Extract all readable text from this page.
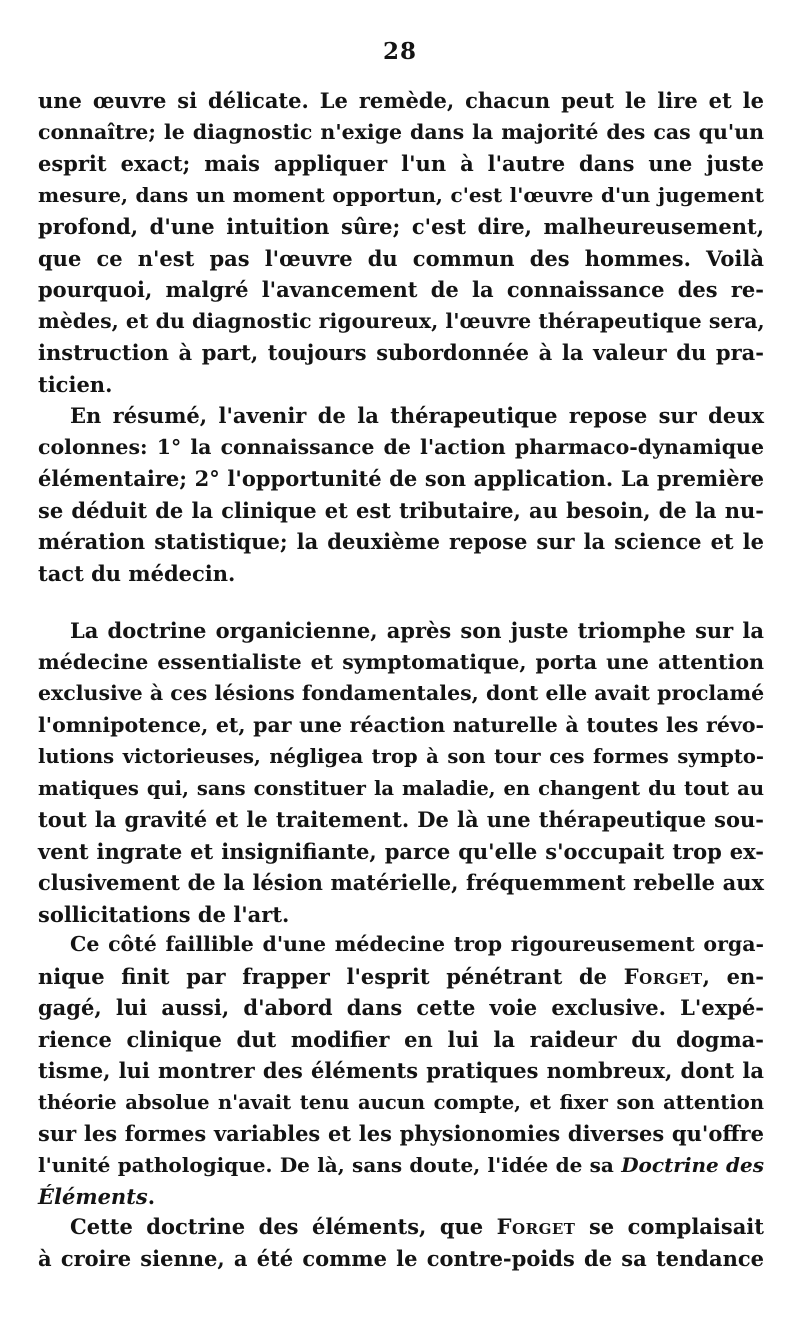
28
une œuvre si délicate. Le remède, chacun peut le lire et le
connaître; le diagnostic n'exige dans la majorité des cas qu'un
esprit exact; mais appliquer l'un à l'autre dans une juste
mesure, dans un moment opportun, c'est l'œuvre d'un jugement
profond, d'une intuition sûre; c'est dire, malheureusement,
que ce n'est pas l'œuvre du commun des hommes. Voilà
pourquoi, malgré l'avancement de la connaissance des re-
mèdes, et du diagnostic rigoureux, l'œuvre thérapeutique sera,
instruction à part, toujours subordonnée à la valeur du pra-
ticien.
En résumé, l'avenir de la thérapeutique repose sur deux
colonnes: 1° la connaissance de l'action pharmaco-dynamique
élémentaire; 2° l'opportunité de son application. La première
se déduit de la clinique et est tributaire, au besoin, de la nu-
mération statistique; la deuxième repose sur la science et le
tact du médecin.
La doctrine organicienne, après son juste triomphe sur la
médecine essentialiste et symptomatique, porta une attention
exclusive à ces lésions fondamentales, dont elle avait proclamé
l'omnipotence, et, par une réaction naturelle à toutes les révo-
lutions victorieuses, négligea trop à son tour ces formes sympto-
matiques qui, sans constituer la maladie, en changent du tout au
tout la gravité et le traitement. De là une thérapeutique sou-
vent ingrate et insignifiante, parce qu'elle s'occupait trop ex-
clusivement de la lésion matérielle, fréquemment rebelle aux
sollicitations de l'art.
Ce côté faillible d'une médecine trop rigoureusement orga-
nique finit par frapper l'esprit pénétrant de Forget, en-
gagé, lui aussi, d'abord dans cette voie exclusive. L'expé-
rience clinique dut modifier en lui la raideur du dogma-
tisme, lui montrer des éléments pratiques nombreux, dont la
théorie absolue n'avait tenu aucun compte, et fixer son attention
sur les formes variables et les physionomies diverses qu'offre
l'unité pathologique. De là, sans doute, l'idée de sa Doctrine des
Éléments.
Cette doctrine des éléments, que Forget se complaisait
à croire sienne, a été comme le contre-poids de sa tendance
